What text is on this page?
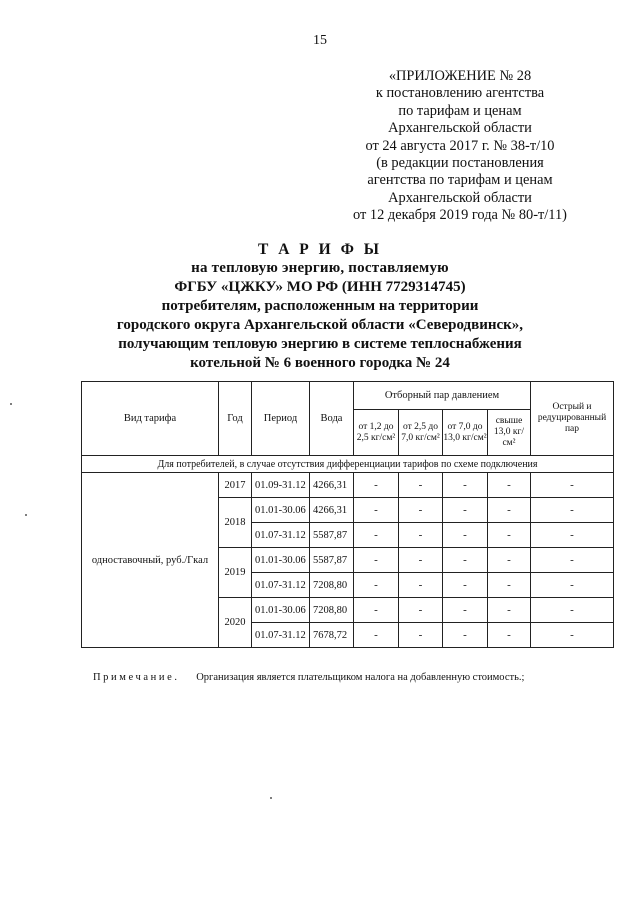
15
«ПРИЛОЖЕНИЕ № 28
к постановлению агентства
по тарифам и ценам
Архангельской области
от 24 августа 2017 г. № 38-т/10
(в редакции постановления
агентства по тарифам и ценам
Архангельской области
от 12 декабря 2019 года № 80-т/11)
Т А Р И Ф Ы
на тепловую энергию, поставляемую
ФГБУ «ЦЖКУ» МО РФ (ИНН 7729314745)
потребителям, расположенным на территории
городского округа Архангельской области «Северодвинск»,
получающим тепловую энергию в системе теплоснабжения
котельной № 6 военного городка № 24
Вид тарифа	Год	Период	Вода	Отборный пар давлением				Острый и редуцированный пар
				от 1,2 до 2,5 кг/см²	от 2,5 до 7,0 кг/см²	от 7,0 до 13,0 кг/см²	свыше 13,0 кг/см²	
Для потребителей, в случае отсутствия дифференциации тарифов по схеме подключения								
одноставочный, руб./Гкал	2017	01.09-31.12	4266,31	-	-	-	-	-
	2018	01.01-30.06	4266,31	-	-	-	-	-
		01.07-31.12	5587,87	-	-	-	-	-
	2019	01.01-30.06	5587,87	-	-	-	-	-
		01.07-31.12	7208,80	-	-	-	-	-
	2020	01.01-30.06	7208,80	-	-	-	-	-
		01.07-31.12	7678,72	-	-	-	-	-
Примечание. Организация является плательщиком налога на добавленную стоимость.;
